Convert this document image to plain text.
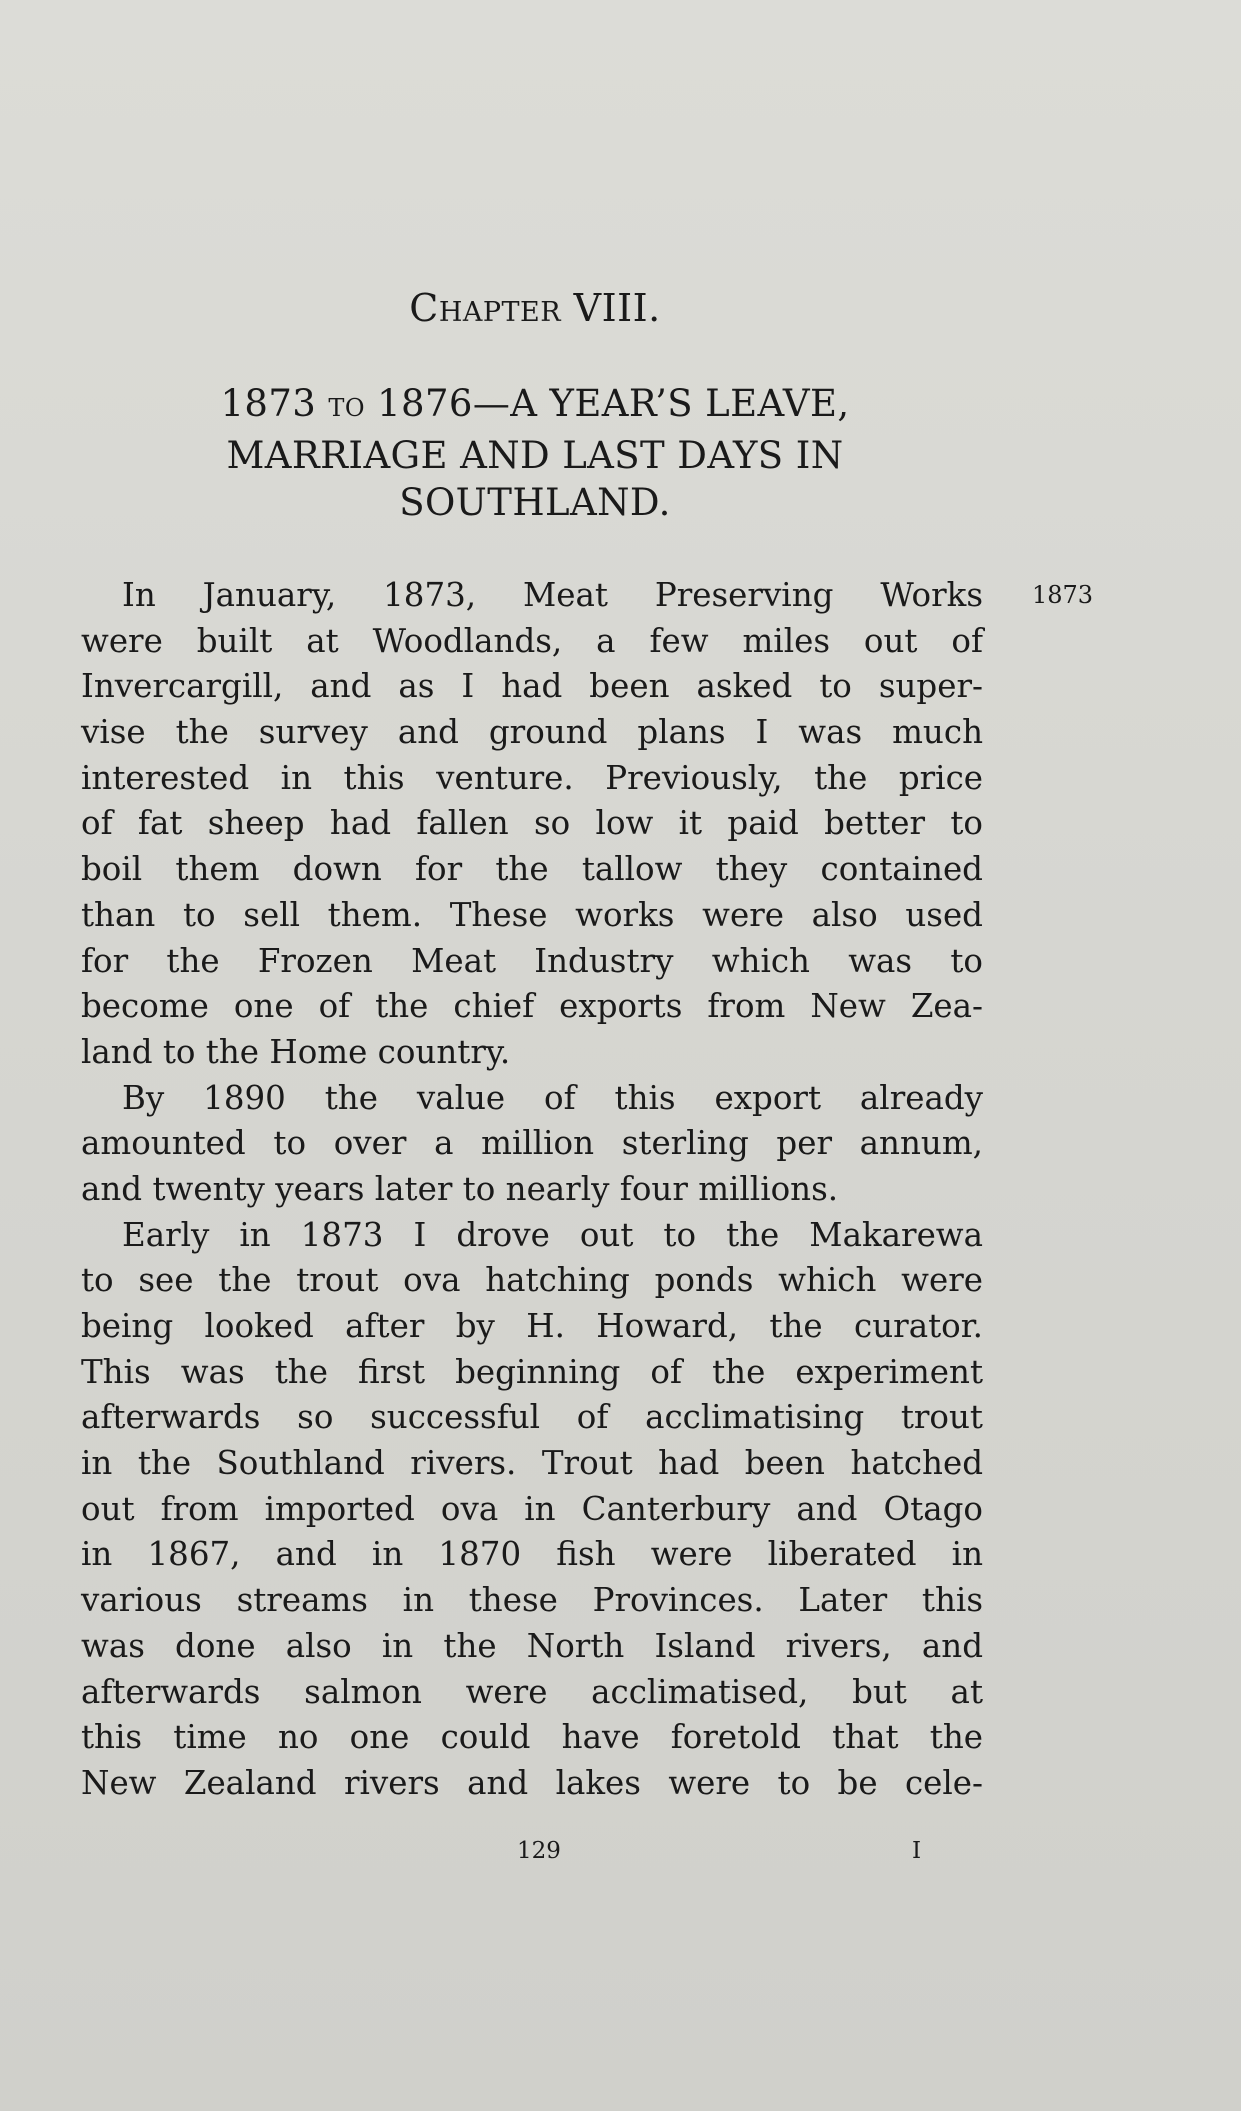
Chapter VIII.
1873 TO 1876—A YEAR’S LEAVE,
MARRIAGE AND LAST DAYS IN
SOUTHLAND.
1873
In January, 1873, Meat Preserving Works
were built at Woodlands, a few miles out of
Invercargill, and as I had been asked to super-
vise the survey and ground plans I was much
interested in this venture. Previously, the price
of fat sheep had fallen so low it paid better to
boil them down for the tallow they contained
than to sell them. These works were also used
for the Frozen Meat Industry which was to
become one of the chief exports from New Zea-
land to the Home country.
By 1890 the value of this export already
amounted to over a million sterling per annum,
and twenty years later to nearly four millions.
Early in 1873 I drove out to the Makarewa
to see the trout ova hatching ponds which were
being looked after by H. Howard, the curator.
This was the first beginning of the experiment
afterwards so successful of acclimatising trout
in the Southland rivers. Trout had been hatched
out from imported ova in Canterbury and Otago
in 1867, and in 1870 fish were liberated in
various streams in these Provinces. Later this
was done also in the North Island rivers, and
afterwards salmon were acclimatised, but at
this time no one could have foretold that the
New Zealand rivers and lakes were to be cele-
129	I
